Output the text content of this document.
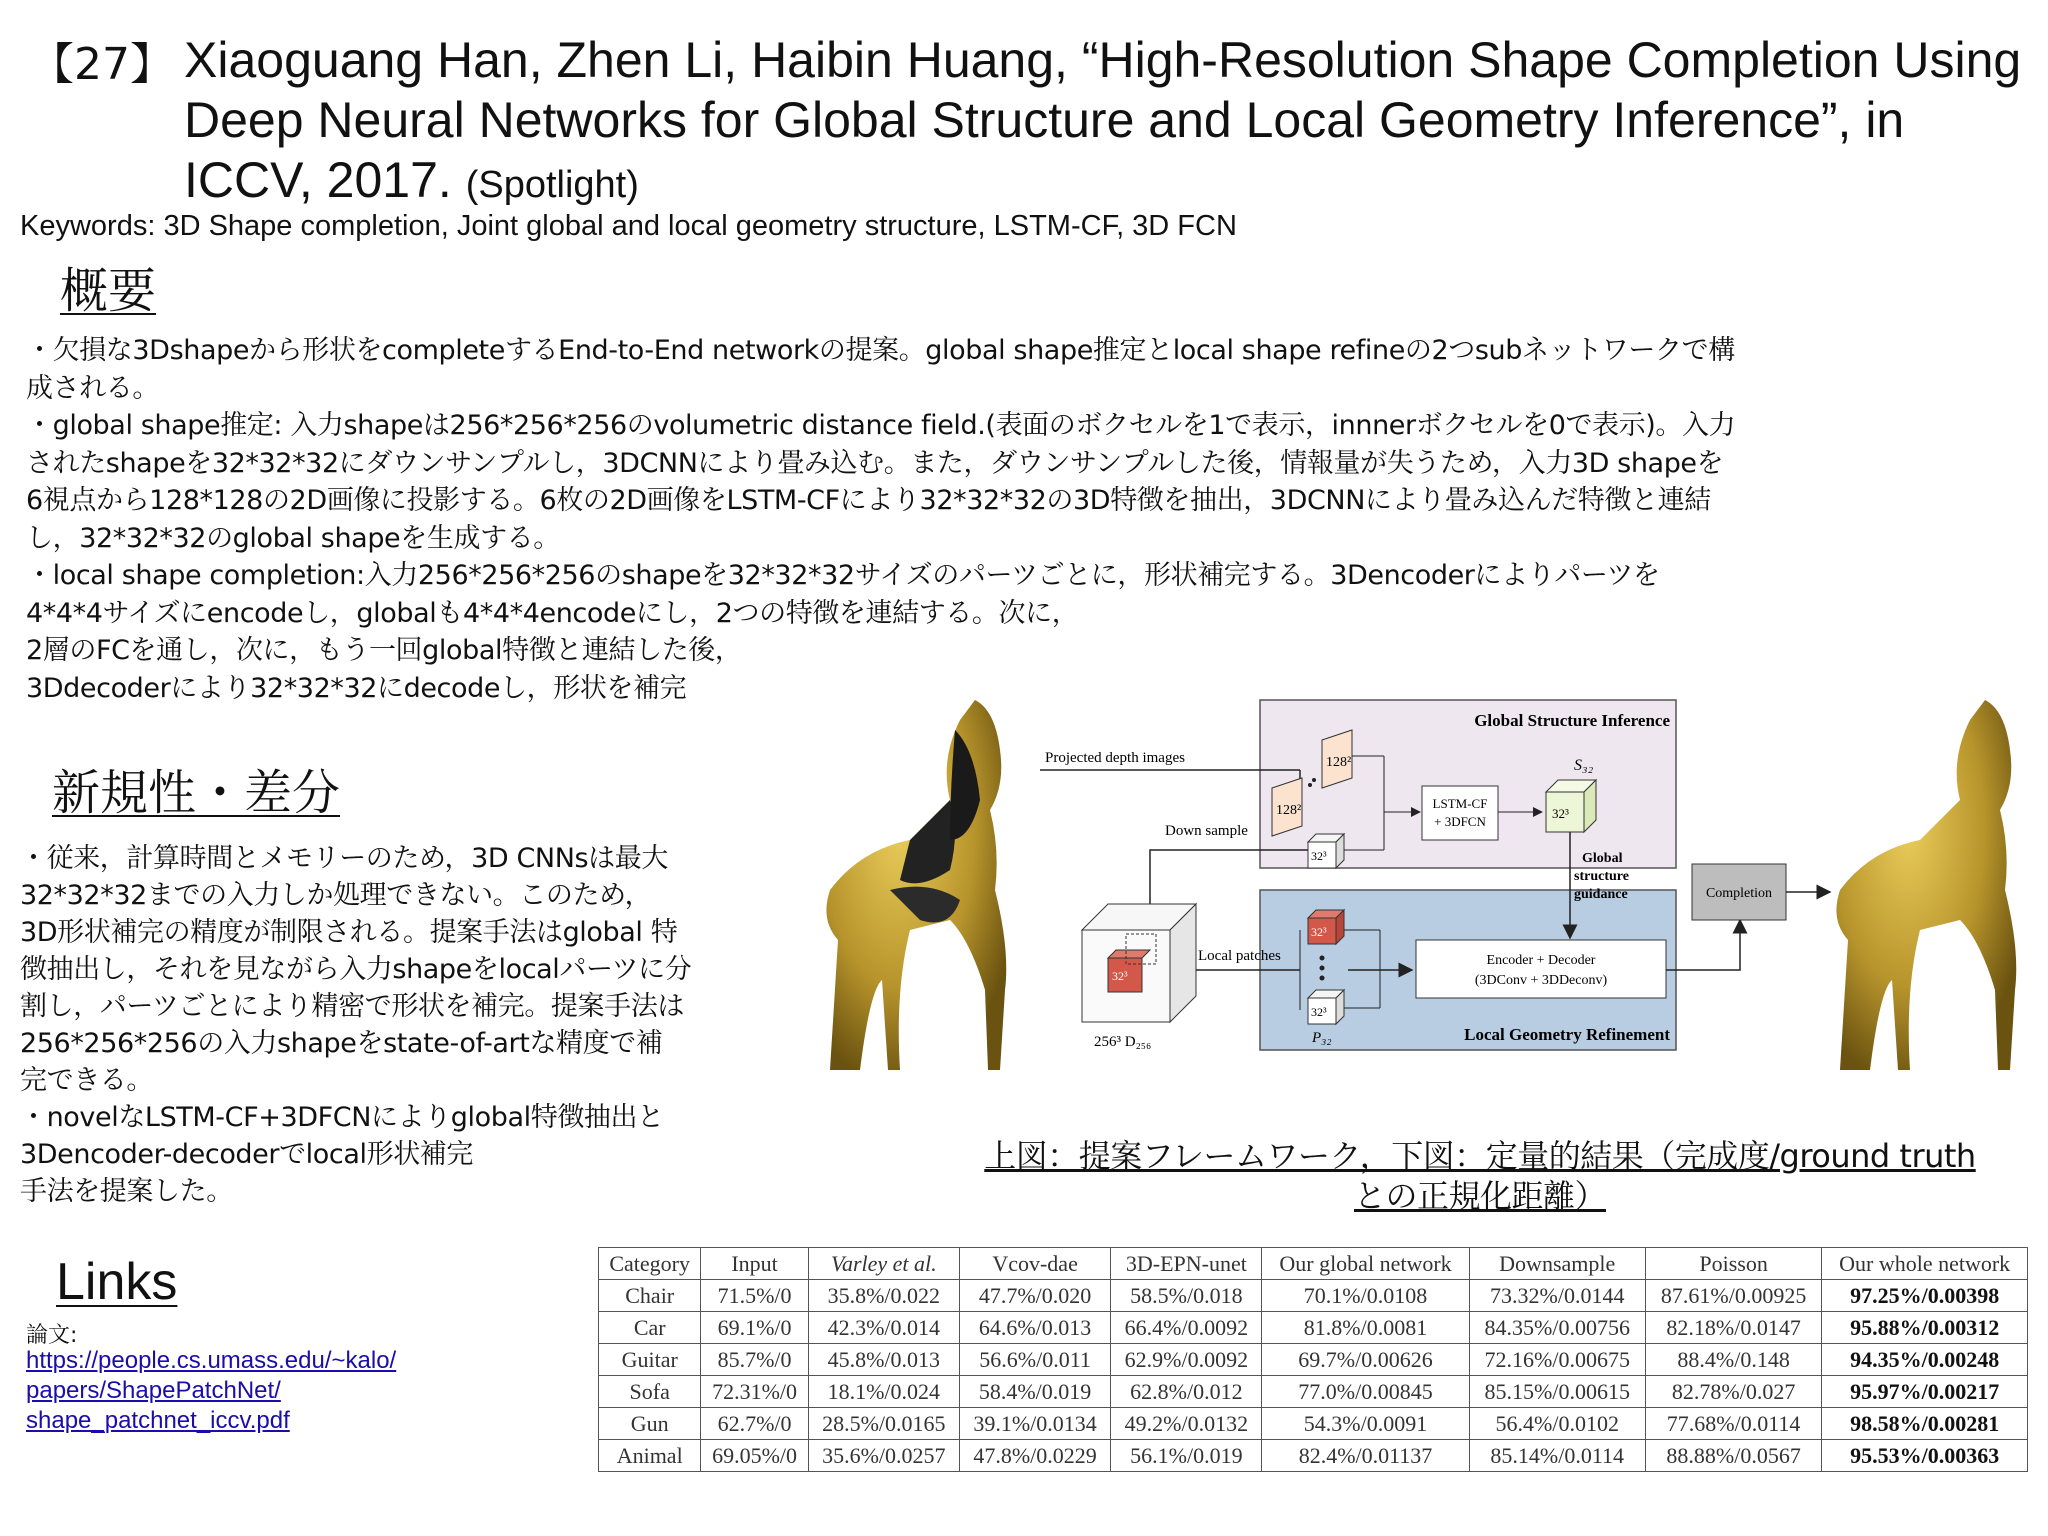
【27】 Xiaoguang Han, Zhen Li, Haibin Huang, “High-Resolution Shape Completion Using Deep Neural Networks for Global Structure and Local Geometry Inference”, in ICCV, 2017. (Spotlight)
Keywords: 3D Shape completion, Joint global and local geometry structure, LSTM-CF, 3D FCN
概要

・欠損な3Dshapeから形状をcompleteするEnd-to-End networkの提案。global shape推定とlocal shape refineの2つsubネットワークで構

成される。

・global shape推定: 入力shapeは256*256*256のvolumetric distance field.(表面のボクセルを1で表示，innnerボクセルを0で表示)。入力

されたshapeを32*32*32にダウンサンプルし，3DCNNにより畳み込む。また，ダウンサンプルした後，情報量が失うため，入力3D shapeを

6視点から128*128の2D画像に投影する。6枚の2D画像をLSTM-CFにより32*32*32の3D特徴を抽出，3DCNNにより畳み込んだ特徴と連結

し，32*32*32のglobal shapeを生成する。

・local shape completion:入力256*256*256のshapeを32*32*32サイズのパーツごとに，形状補完する。3Dencoderによりパーツを

4*4*4サイズにencodeし，globalも4*4*4encodeにし，2つの特徴を連結する。次に，

2層のFCを通し，次に，もう一回global特徴と連結した後，

3Ddecoderにより32*32*32にdecodeし，形状を補完

新規性・差分

・従来，計算時間とメモリーのため，3D CNNsは最大

32*32*32までの入力しか処理できない。このため，

3D形状補完の精度が制限される。提案手法はglobal 特

徴抽出し，それを見ながら入力shapeをlocalパーツに分

割し，パーツごとにより精密で形状を補完。提案手法は

256*256*256の入力shapeをstate-of-artな精度で補

完できる。

・novelなLSTM-CF+3DFCNによりglobal特徴抽出と

3Dencoder-decoderでlocal形状補完

手法を提案した。

Links
論文:
https://people.cs.umass.edu/~kalo/
papers/ShapePatchNet/
shape_patchnet_iccv.pdf
Global Structure Inference
Local Geometry Refinement
Projected depth images
128²
128²
Down sample
32³
LSTM-CF
+ 3DFCN
S₃₂
32³
Global
structure
guidance
32³
256³ D₂₅₆
Local patches
32³
32³
P₃₂
Encoder + Decoder
(3DConv + 3DDeconv)
Completion
上図：提案フレームワーク，下図：定量的結果（完成度/ground truth
との正規化距離）
Category	Input	Varley et al.	Vcov-dae	3D-EPN-unet	Our global network	Downsample	Poisson	Our whole network
Chair	71.5%/0	35.8%/0.022	47.7%/0.020	58.5%/0.018	70.1%/0.0108	73.32%/0.0144	87.61%/0.00925	97.25%/0.00398
Car	69.1%/0	42.3%/0.014	64.6%/0.013	66.4%/0.0092	81.8%/0.0081	84.35%/0.00756	82.18%/0.0147	95.88%/0.00312
Guitar	85.7%/0	45.8%/0.013	56.6%/0.011	62.9%/0.0092	69.7%/0.00626	72.16%/0.00675	88.4%/0.148	94.35%/0.00248
Sofa	72.31%/0	18.1%/0.024	58.4%/0.019	62.8%/0.012	77.0%/0.00845	85.15%/0.00615	82.78%/0.027	95.97%/0.00217
Gun	62.7%/0	28.5%/0.0165	39.1%/0.0134	49.2%/0.0132	54.3%/0.0091	56.4%/0.0102	77.68%/0.0114	98.58%/0.00281
Animal	69.05%/0	35.6%/0.0257	47.8%/0.0229	56.1%/0.019	82.4%/0.01137	85.14%/0.0114	88.88%/0.0567	95.53%/0.00363
